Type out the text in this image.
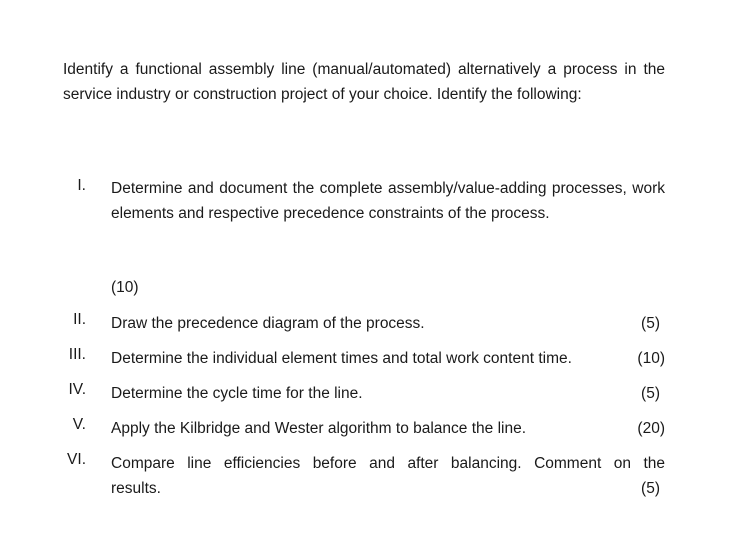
Identify a functional assembly line (manual/automated) alternatively a process in the service industry or construction project of your choice. Identify the following:

I. Determine and document the complete assembly/value-adding processes, work elements and respective precedence constraints of the process.
(10)
II. Draw the precedence diagram of the process.	(5)
III. Determine the individual element times and total work content time.	(10)
IV. Determine the cycle time for the line.	(5)
V. Apply the Kilbridge and Wester algorithm to balance the line.	(20)
VI. Compare line efficiencies before and after balancing. Comment on the
results.	(5)
